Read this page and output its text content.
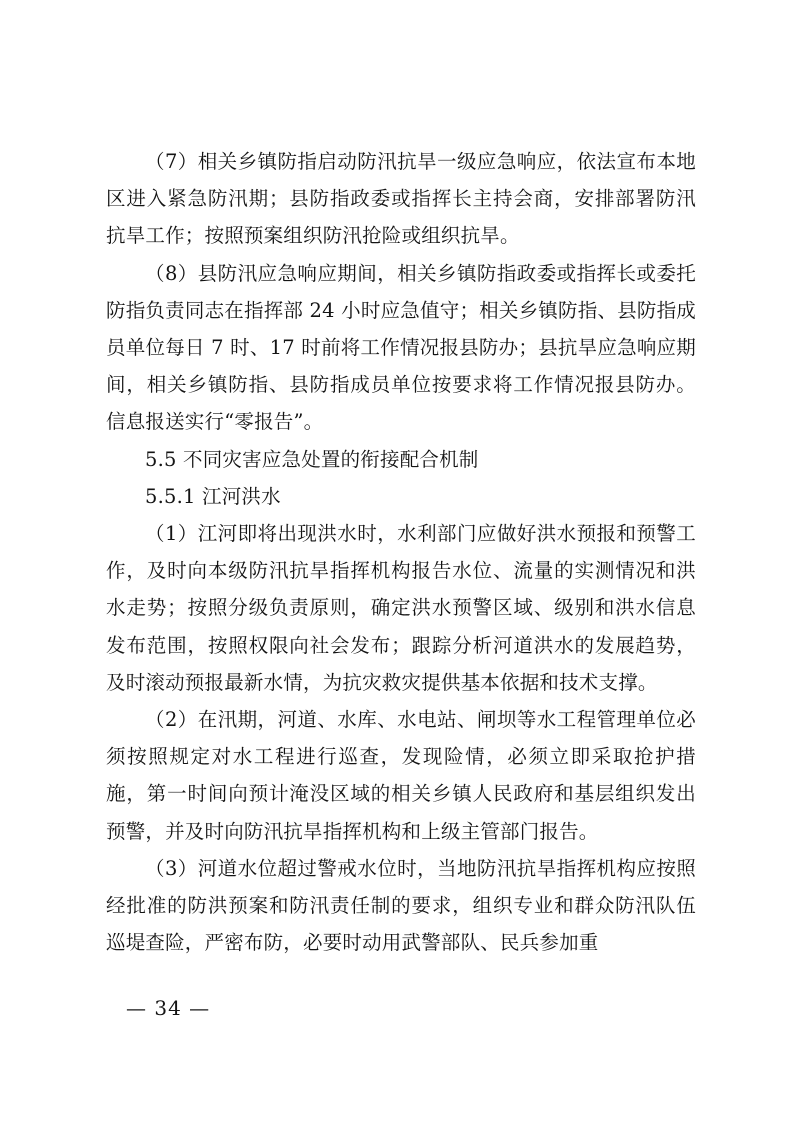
（7）相关乡镇防指启动防汛抗旱一级应急响应，依法宣布本地区进入紧急防汛期；县防指政委或指挥长主持会商，安排部署防汛抗旱工作；按照预案组织防汛抢险或组织抗旱。

（8）县防汛应急响应期间，相关乡镇防指政委或指挥长或委托防指负责同志在指挥部 24 小时应急值守；相关乡镇防指、县防指成员单位每日 7 时、17 时前将工作情况报县防办；县抗旱应急响应期间，相关乡镇防指、县防指成员单位按要求将工作情况报县防办。信息报送实行“零报告”。

5.5 不同灾害应急处置的衔接配合机制

5.5.1 江河洪水

（1）江河即将出现洪水时，水利部门应做好洪水预报和预警工作，及时向本级防汛抗旱指挥机构报告水位、流量的实测情况和洪水走势；按照分级负责原则，确定洪水预警区域、级别和洪水信息发布范围，按照权限向社会发布；跟踪分析河道洪水的发展趋势，及时滚动预报最新水情，为抗灾救灾提供基本依据和技术支撑。

（2）在汛期，河道、水库、水电站、闸坝等水工程管理单位必须按照规定对水工程进行巡查，发现险情，必须立即采取抢护措施，第一时间向预计淹没区域的相关乡镇人民政府和基层组织发出预警，并及时向防汛抗旱指挥机构和上级主管部门报告。

（3）河道水位超过警戒水位时，当地防汛抗旱指挥机构应按照经批准的防洪预案和防汛责任制的要求，组织专业和群众防汛队伍巡堤查险，严密布防，必要时动用武警部队、民兵参加重

— 34 —
